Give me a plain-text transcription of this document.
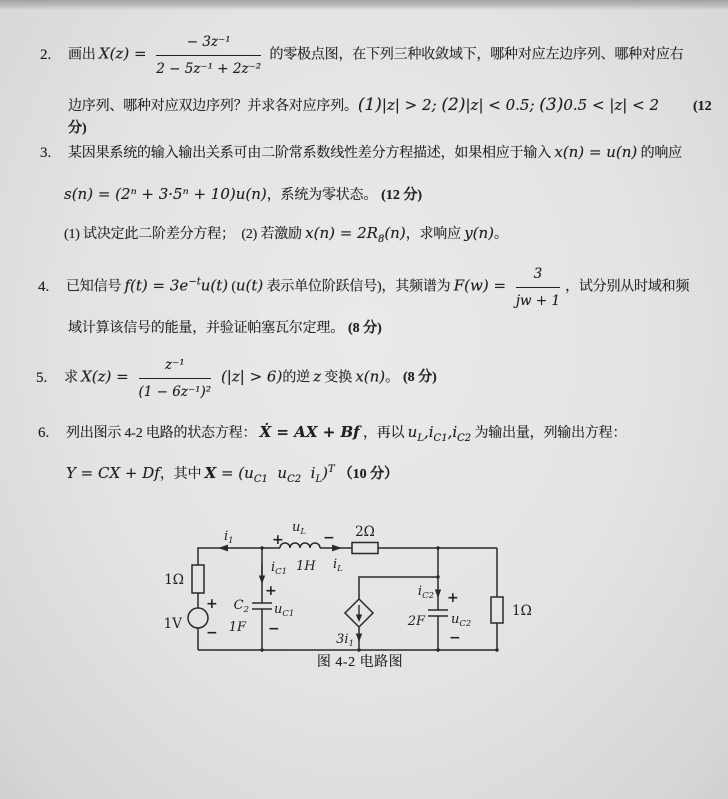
2.	画出 $X(z) = \frac{\text{− 3z⁻¹}}{\text{2 − 5z⁻¹ + 2z⁻²}}$ 的零极点图，在下列三种收敛域下，哪种对应左边序列、哪种对应右
边序列、哪种对应双边序列？并求各对应序列。(1)|z| > 2; (2)|z| < 0.5; (3)0.5 < |z| < 2 (12 分)
3. 某因果系统的输入输出关系可由二阶常系数线性差分方程描述，如果相应于输入 x(n) = u(n) 的响应
s(n) = (2ⁿ + 3·5ⁿ + 10)u(n)，系统为零状态。 (12 分)
(1) 试决定此二阶差分方程；  (2) 若激励 $x(n) = 2R_8(n)$，求响应 y(n)。
4.	已知信号 $f(t) = 3e^{-t}u(t)$ (u(t) 表示单位阶跃信号)，其频谱为 $F(w) = \frac{3}{jw + 1}$ ，试分别从时域和频
域计算该信号的能量，并验证帕塞瓦尔定理。 (8 分)
5.	求 $X(z) = \frac{\text{z⁻¹}}{\text{(1 − 6z⁻¹)²}} (|z| > 6)$的逆 z 变换 x(n)。 (8 分)
6. 列出图示 4-2 电路的状态方程： Ẋ = AX + Bf ，再以 $u_L,i_{C1},i_{C2}$ 为输出量，列输出方程：
Y = CX + Df，其中 $X = (u_{C1}$ $u_{C2}$ $i_L)^T$ （10 分）
1Ω
1V
+
−
$i_1$	+
$u_L$ −
1H $i_L$
2Ω
$i_{C1}$
+
$u_{C1}$
−
$C_2$
1F
$3i_1$
$i_{C2}$ +
$u_{C2}$
−
2F
1Ω
图 4-2 电路图
